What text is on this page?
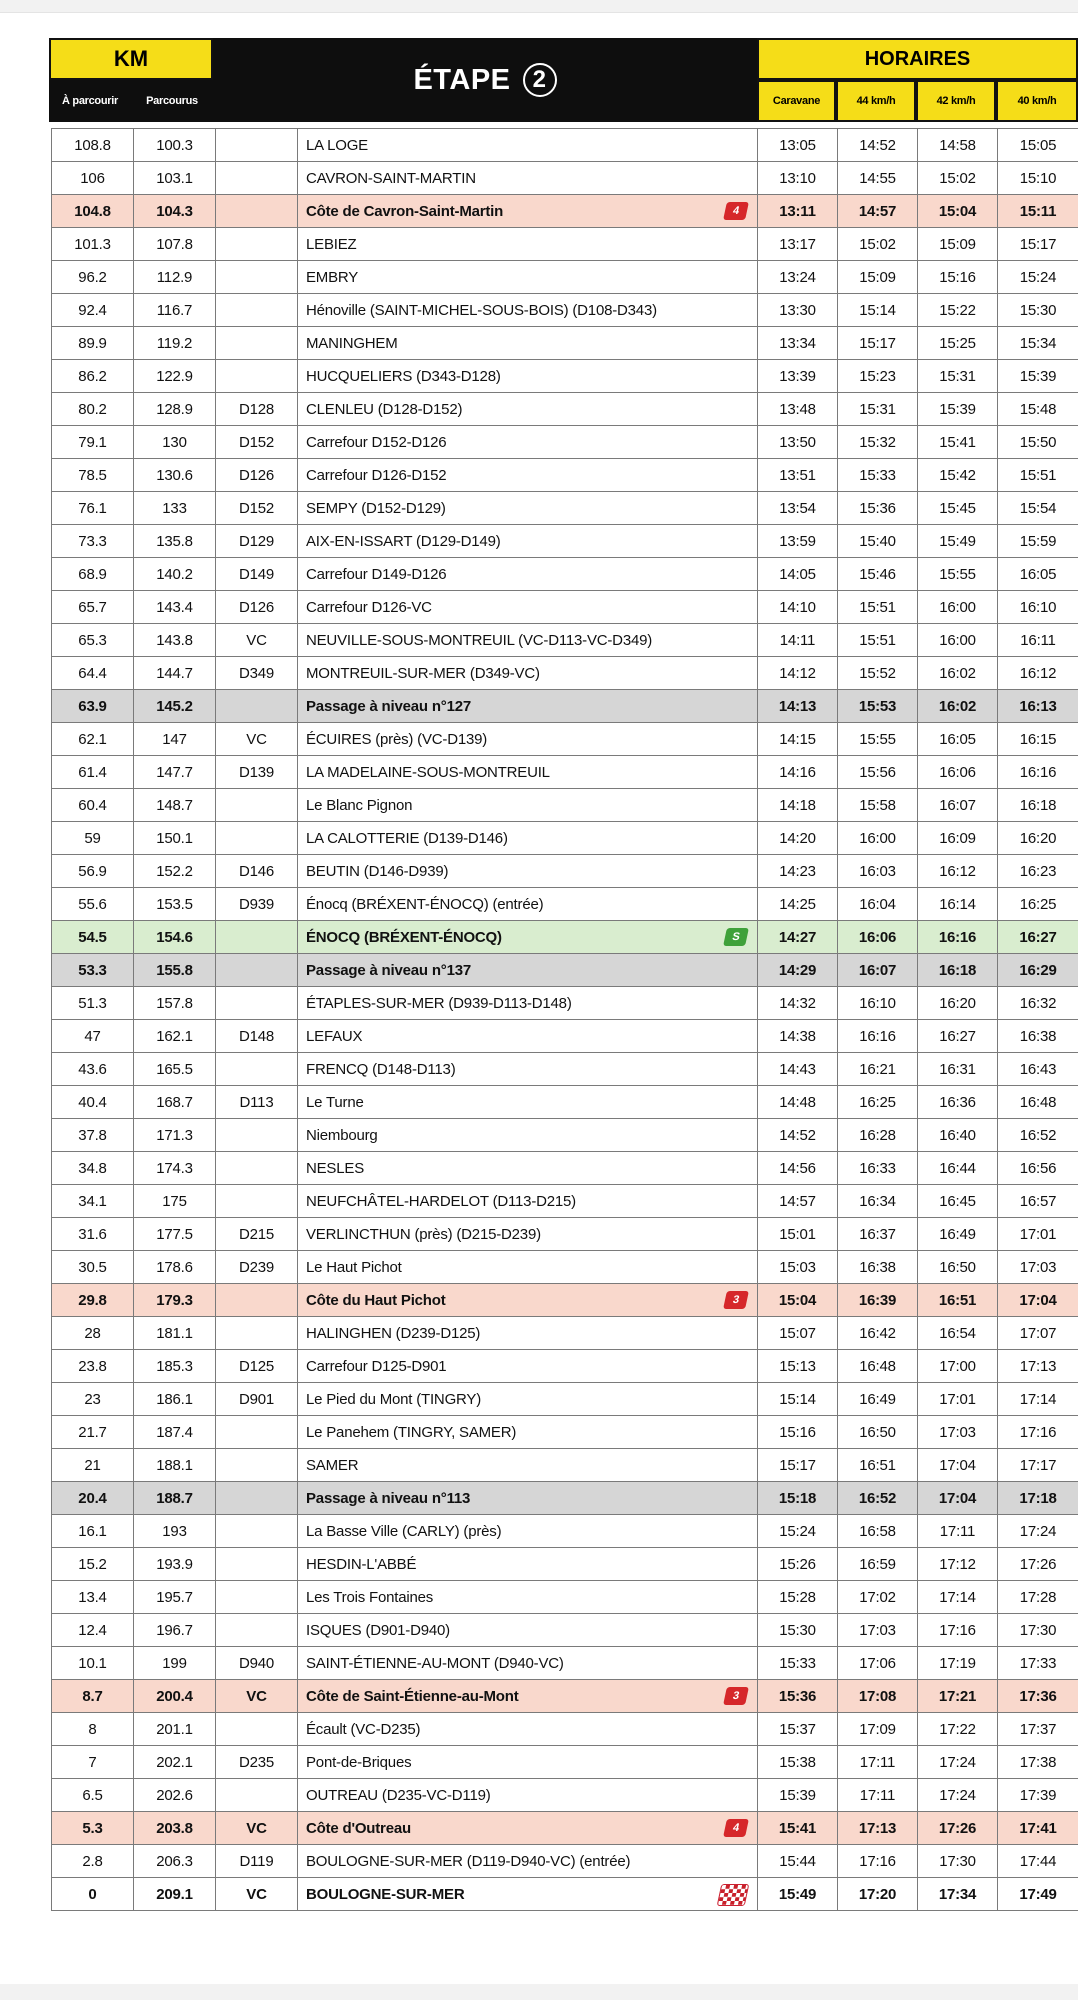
KM
À parcourir	Parcourus
ÉTAPE 2
HORAIRES
Caravane	44 km/h	42 km/h	40 km/h
108.8	100.3		LA LOGE	13:05	14:52	14:58	15:05
106	103.1		CAVRON-SAINT-MARTIN	13:10	14:55	15:02	15:10
104.8	104.3		Côte de Cavron-Saint-Martin 4	13:11	14:57	15:04	15:11
101.3	107.8		LEBIEZ	13:17	15:02	15:09	15:17
96.2	112.9		EMBRY	13:24	15:09	15:16	15:24
92.4	116.7		Hénoville (SAINT-MICHEL-SOUS-BOIS) (D108-D343)	13:30	15:14	15:22	15:30
89.9	119.2		MANINGHEM	13:34	15:17	15:25	15:34
86.2	122.9		HUCQUELIERS (D343-D128)	13:39	15:23	15:31	15:39
80.2	128.9	D128	CLENLEU (D128-D152)	13:48	15:31	15:39	15:48
79.1	130	D152	Carrefour D152-D126	13:50	15:32	15:41	15:50
78.5	130.6	D126	Carrefour D126-D152	13:51	15:33	15:42	15:51
76.1	133	D152	SEMPY (D152-D129)	13:54	15:36	15:45	15:54
73.3	135.8	D129	AIX-EN-ISSART (D129-D149)	13:59	15:40	15:49	15:59
68.9	140.2	D149	Carrefour D149-D126	14:05	15:46	15:55	16:05
65.7	143.4	D126	Carrefour D126-VC	14:10	15:51	16:00	16:10
65.3	143.8	VC	NEUVILLE-SOUS-MONTREUIL (VC-D113-VC-D349)	14:11	15:51	16:00	16:11
64.4	144.7	D349	MONTREUIL-SUR-MER (D349-VC)	14:12	15:52	16:02	16:12
63.9	145.2		Passage à niveau n°127	14:13	15:53	16:02	16:13
62.1	147	VC	ÉCUIRES (près) (VC-D139)	14:15	15:55	16:05	16:15
61.4	147.7	D139	LA MADELAINE-SOUS-MONTREUIL	14:16	15:56	16:06	16:16
60.4	148.7		Le Blanc Pignon	14:18	15:58	16:07	16:18
59	150.1		LA CALOTTERIE (D139-D146)	14:20	16:00	16:09	16:20
56.9	152.2	D146	BEUTIN (D146-D939)	14:23	16:03	16:12	16:23
55.6	153.5	D939	Énocq (BRÉXENT-ÉNOCQ) (entrée)	14:25	16:04	16:14	16:25
54.5	154.6		ÉNOCQ (BRÉXENT-ÉNOCQ) S	14:27	16:06	16:16	16:27
53.3	155.8		Passage à niveau n°137	14:29	16:07	16:18	16:29
51.3	157.8		ÉTAPLES-SUR-MER (D939-D113-D148)	14:32	16:10	16:20	16:32
47	162.1	D148	LEFAUX	14:38	16:16	16:27	16:38
43.6	165.5		FRENCQ (D148-D113)	14:43	16:21	16:31	16:43
40.4	168.7	D113	Le Turne	14:48	16:25	16:36	16:48
37.8	171.3		Niembourg	14:52	16:28	16:40	16:52
34.8	174.3		NESLES	14:56	16:33	16:44	16:56
34.1	175		NEUFCHÂTEL-HARDELOT (D113-D215)	14:57	16:34	16:45	16:57
31.6	177.5	D215	VERLINCTHUN (près) (D215-D239)	15:01	16:37	16:49	17:01
30.5	178.6	D239	Le Haut Pichot	15:03	16:38	16:50	17:03
29.8	179.3		Côte du Haut Pichot 3	15:04	16:39	16:51	17:04
28	181.1		HALINGHEN (D239-D125)	15:07	16:42	16:54	17:07
23.8	185.3	D125	Carrefour D125-D901	15:13	16:48	17:00	17:13
23	186.1	D901	Le Pied du Mont (TINGRY)	15:14	16:49	17:01	17:14
21.7	187.4		Le Panehem (TINGRY, SAMER)	15:16	16:50	17:03	17:16
21	188.1		SAMER	15:17	16:51	17:04	17:17
20.4	188.7		Passage à niveau n°113	15:18	16:52	17:04	17:18
16.1	193		La Basse Ville (CARLY) (près)	15:24	16:58	17:11	17:24
15.2	193.9		HESDIN-L'ABBÉ	15:26	16:59	17:12	17:26
13.4	195.7		Les Trois Fontaines	15:28	17:02	17:14	17:28
12.4	196.7		ISQUES (D901-D940)	15:30	17:03	17:16	17:30
10.1	199	D940	SAINT-ÉTIENNE-AU-MONT (D940-VC)	15:33	17:06	17:19	17:33
8.7	200.4	VC	Côte de Saint-Étienne-au-Mont 3	15:36	17:08	17:21	17:36
8	201.1		Écault (VC-D235)	15:37	17:09	17:22	17:37
7	202.1	D235	Pont-de-Briques	15:38	17:11	17:24	17:38
6.5	202.6		OUTREAU (D235-VC-D119)	15:39	17:11	17:24	17:39
5.3	203.8	VC	Côte d'Outreau 4	15:41	17:13	17:26	17:41
2.8	206.3	D119	BOULOGNE-SUR-MER (D119-D940-VC) (entrée)	15:44	17:16	17:30	17:44
0	209.1	VC	BOULOGNE-SUR-MER	15:49	17:20	17:34	17:49
